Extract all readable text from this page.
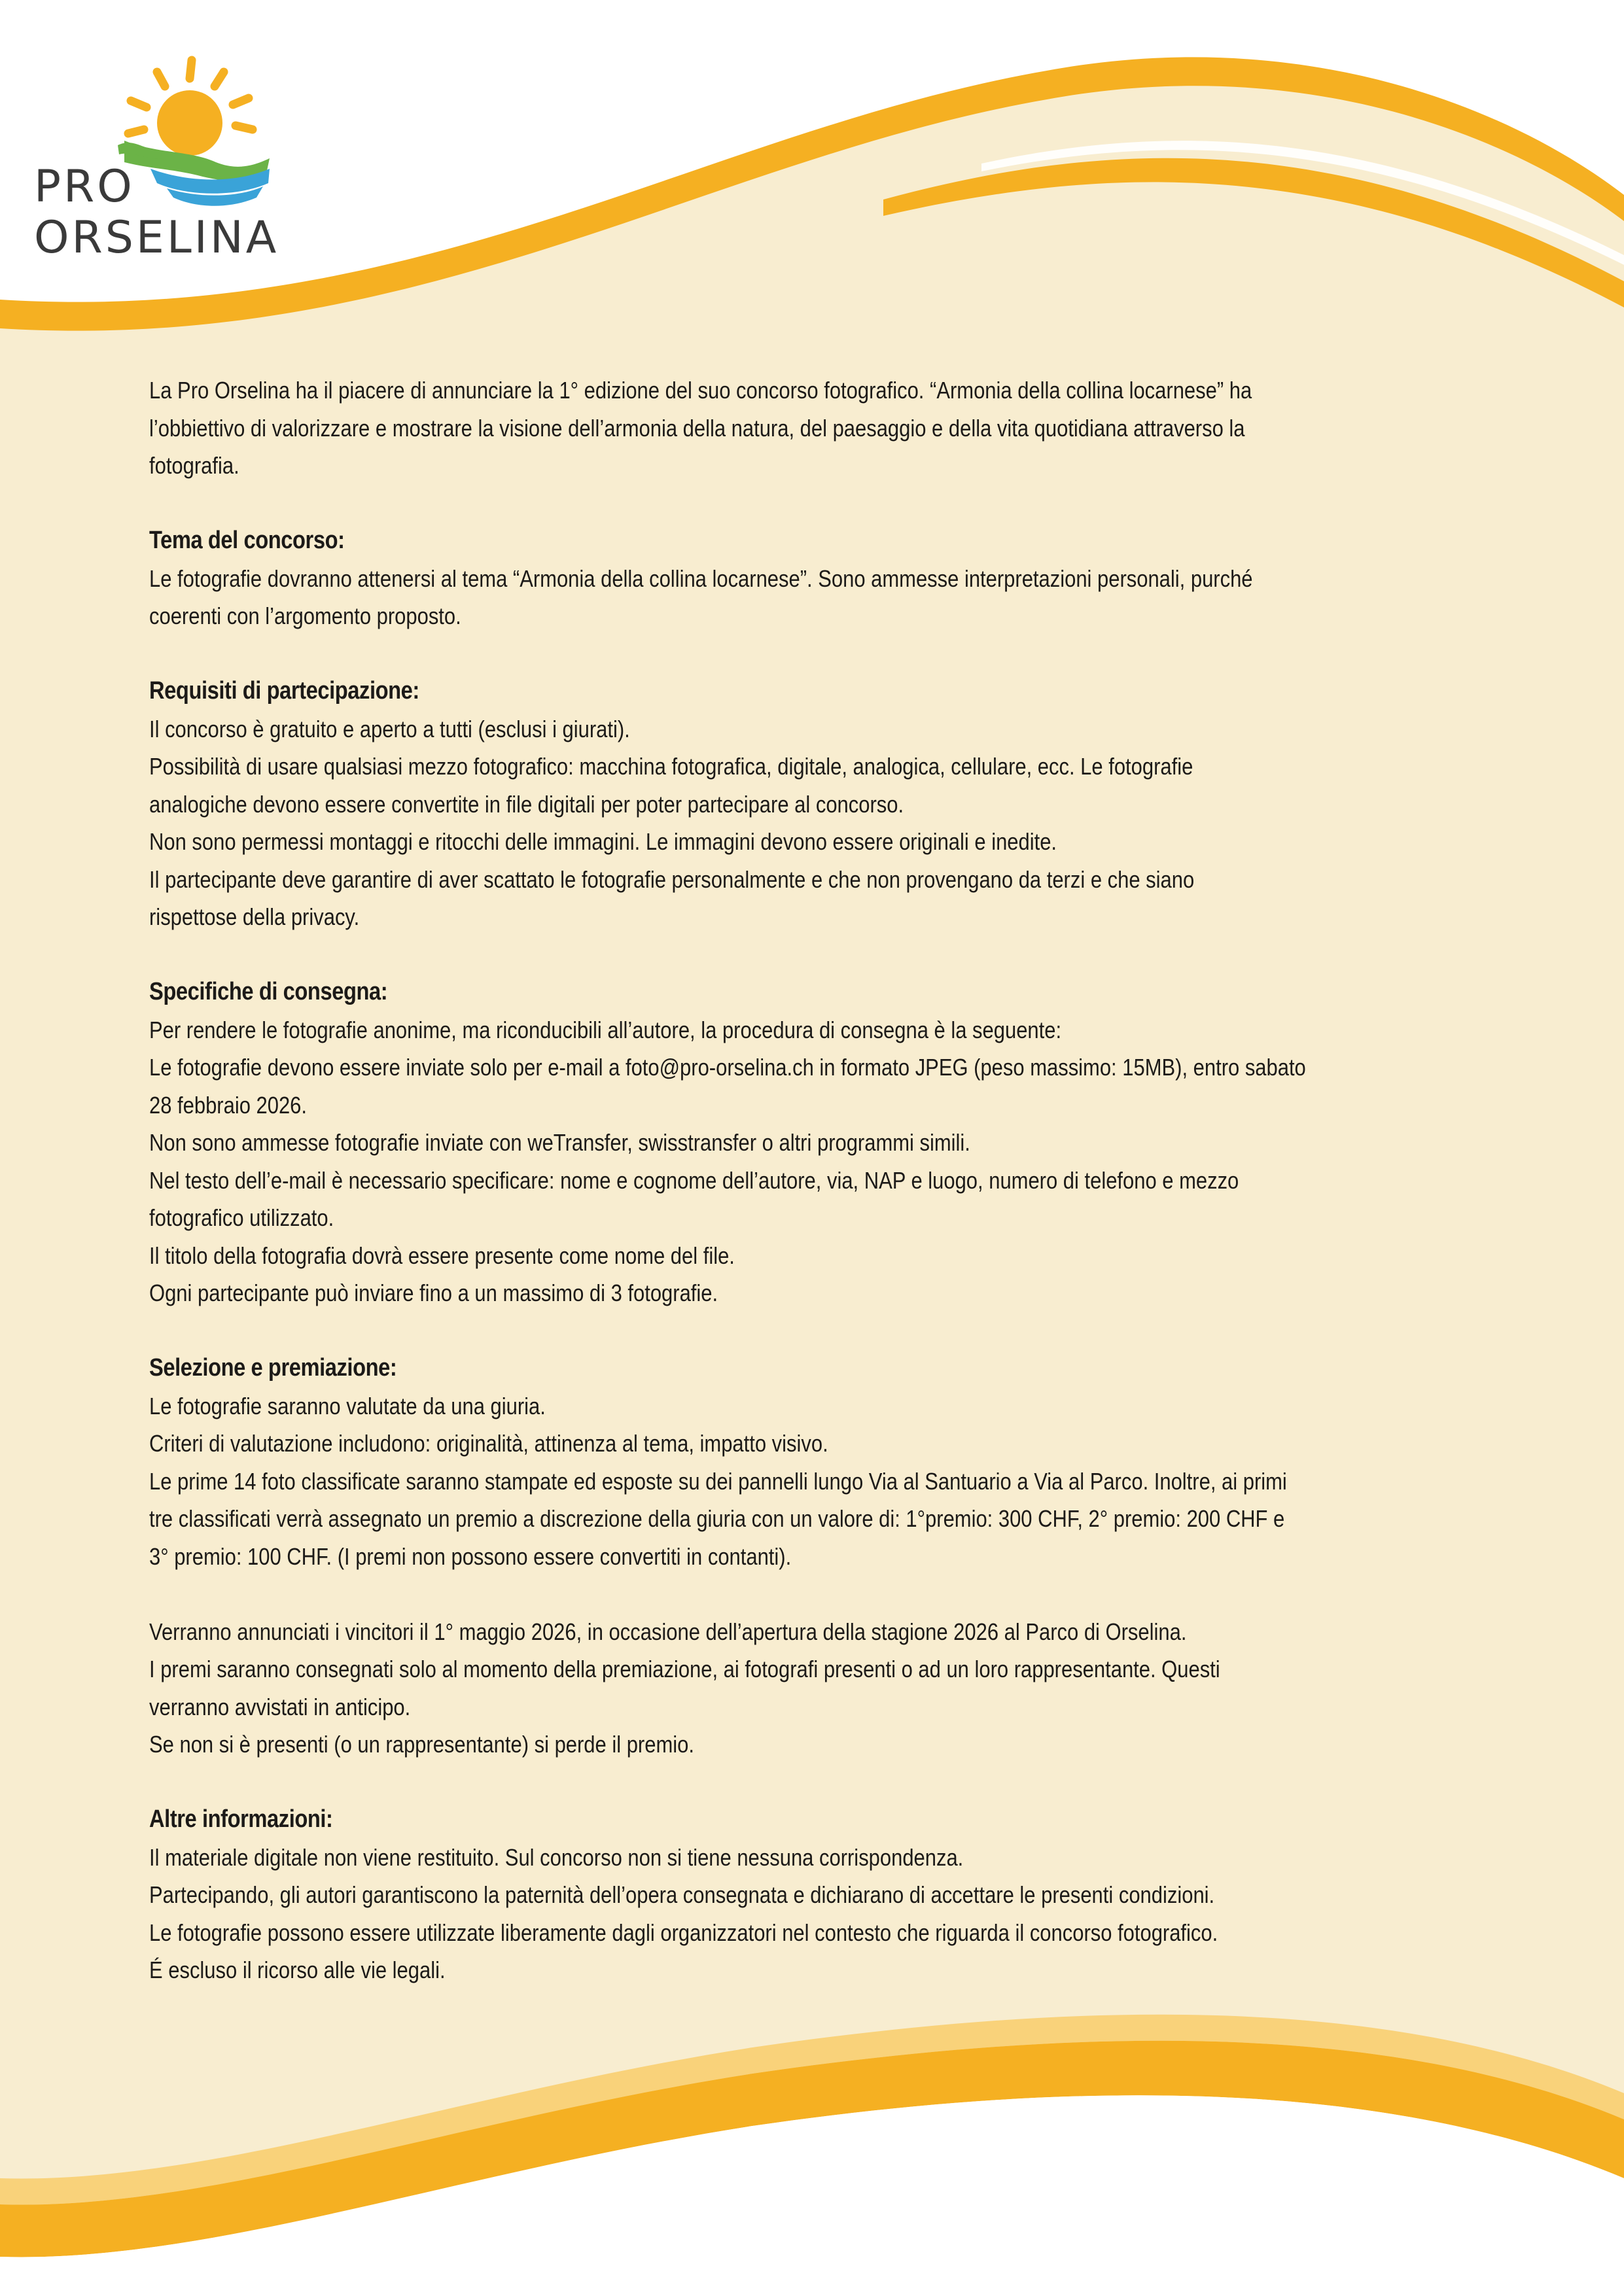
PRO
ORSELINA

La Pro Orselina ha il piacere di annunciare la 1° edizione del suo concorso fotografico. “Armonia della collina locarnese” ha
l’obbiettivo di valorizzare e mostrare la visione dell’armonia della natura, del paesaggio e della vita quotidiana attraverso la
fotografia.

Tema del concorso:
Le fotografie dovranno attenersi al tema “Armonia della collina locarnese”. Sono ammesse interpretazioni personali, purché
coerenti con l’argomento proposto.

Requisiti di partecipazione:
Il concorso è gratuito e aperto a tutti (esclusi i giurati).
Possibilità di usare qualsiasi mezzo fotografico: macchina fotografica, digitale, analogica, cellulare, ecc. Le fotografie
analogiche devono essere convertite in file digitali per poter partecipare al concorso.
Non sono permessi montaggi e ritocchi delle immagini. Le immagini devono essere originali e inedite.
Il partecipante deve garantire di aver scattato le fotografie personalmente e che non provengano da terzi e che siano
rispettose della privacy.

Specifiche di consegna:
Per rendere le fotografie anonime, ma riconducibili all’autore, la procedura di consegna è la seguente:
Le fotografie devono essere inviate solo per e-mail a foto@pro-orselina.ch in formato JPEG (peso massimo: 15MB), entro sabato
28 febbraio 2026.
Non sono ammesse fotografie inviate con weTransfer, swisstransfer o altri programmi simili.
Nel testo dell’e-mail è necessario specificare: nome e cognome dell’autore, via, NAP e luogo, numero di telefono e mezzo
fotografico utilizzato.
Il titolo della fotografia dovrà essere presente come nome del file.
Ogni partecipante può inviare fino a un massimo di 3 fotografie.

Selezione e premiazione:
Le fotografie saranno valutate da una giuria.
Criteri di valutazione includono: originalità, attinenza al tema, impatto visivo.
Le prime 14 foto classificate saranno stampate ed esposte su dei pannelli lungo Via al Santuario a Via al Parco. Inoltre, ai primi
tre classificati verrà assegnato un premio a discrezione della giuria con un valore di: 1°premio: 300 CHF, 2° premio: 200 CHF e
3° premio: 100 CHF. (I premi non possono essere convertiti in contanti).

Verranno annunciati i vincitori il 1° maggio 2026, in occasione dell’apertura della stagione 2026 al Parco di Orselina.
I premi saranno consegnati solo al momento della premiazione, ai fotografi presenti o ad un loro rappresentante. Questi
verranno avvistati in anticipo.
Se non si è presenti (o un rappresentante) si perde il premio.

Altre informazioni:
Il materiale digitale non viene restituito. Sul concorso non si tiene nessuna corrispondenza.
Partecipando, gli autori garantiscono la paternità dell’opera consegnata e dichiarano di accettare le presenti condizioni.
Le fotografie possono essere utilizzate liberamente dagli organizzatori nel contesto che riguarda il concorso fotografico.
É escluso il ricorso alle vie legali.
